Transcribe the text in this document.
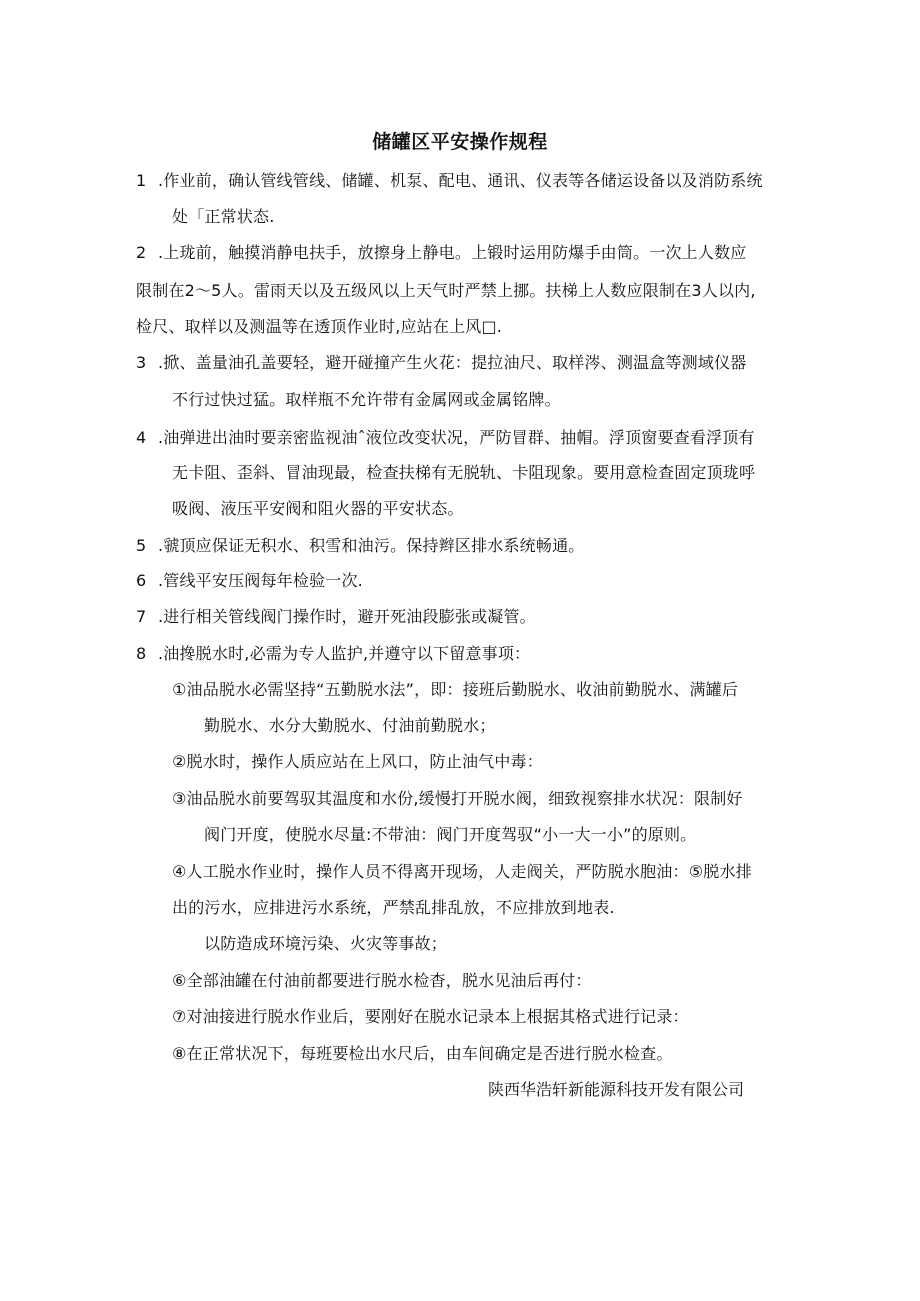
储罐区平安操作规程
1 .作业前，确认管线管线、储罐、机泵、配电、通讯、仪表等各储运设备以及消防系统
处「正常状态.
2 .上珑前，触摸消静电扶手，放擦身上静电。上锻时运用防爆手由筒。一次上人数应
限制在2～5人。雷雨天以及五级风以上天气时严禁上挪。扶梯上人数应限制在3人以内,
检尺、取样以及测温等在透顶作业时,应站在上风□.
3 .掀、盖量油孔盖要轻，避开碰撞产生火花：提拉油尺、取样涔、测温盒等测域仪器
不行过快过猛。取样瓶不允许带有金属网或金属铭牌。
4 .油弹进出油时要亲密监视油ˆ液位改变状况，严防冒群、抽帽。浮顶窗要查看浮顶有
无卡阻、歪斜、冒油现最，检查扶梯有无脱轨、卡阻现象。要用意检查固定顶珑呼
吸阀、液压平安阀和阻火器的平安状态。
5 .虢顶应保证无积水、积雪和油污。保持辫区排水系统畅通。
6 .管线平安压阀每年检验一次.
7 .进行相关管线阀门操作时，避开死油段膨张或凝管。
8 .油搀脱水时,必需为专人监护,并遵守以下留意事项：
①油品脱水必需坚持“五勤脱水法”，即：接班后勤脱水、收油前勤脱水、满罐后
勤脱水、水分大勤脱水、付油前勤脱水；
②脱水时，操作人质应站在上风口，防止油气中毒：
③油品脱水前要驾驭其温度和水份,缓慢打开脱水阀，细致视察排水状况：限制好
阀门开度，使脱水尽量:不带油：阀门开度驾驭“小一大一小”的原则。
④人工脱水作业时，操作人员不得离开现场，人走阀关，严防脱水胞油：⑤脱水排
出的污水，应排进污水系统，严禁乱排乱放，不应排放到地表.
以防造成环境污染、火灾等事故；
⑥全部油罐在付油前都要进行脱水检杳，脱水见油后再付：
⑦对油接进行脱水作业后，要刚好在脱水记录本上根据其格式进行记录：
⑧在正常状况下，每班要检出水尺后，由车间确定是否进行脱水检查。
陕西华浩轩新能源科技开发有限公司
